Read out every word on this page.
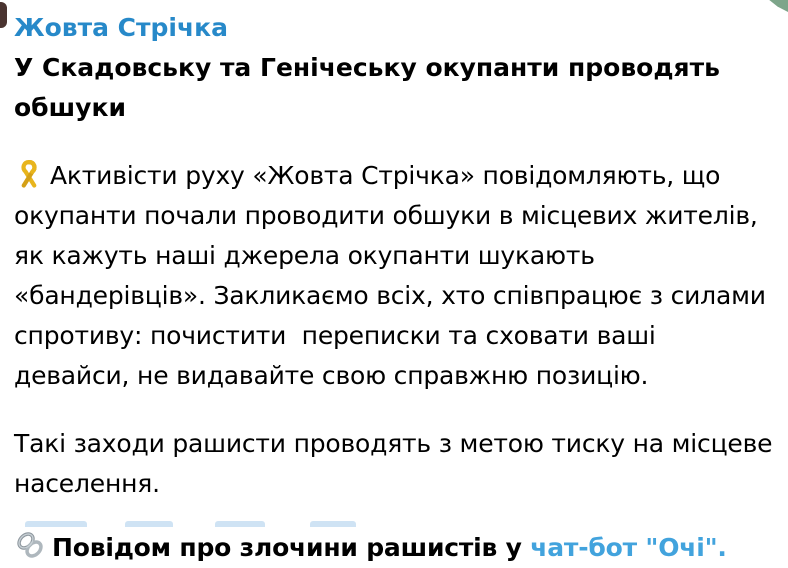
Жовта Стрічка
У Скадовську та Генічеську окупанти проводять обшуки

Активісти руху «Жовта Стрічка» повідомляють, що окупанти почали проводити обшуки в місцевих жителів, як кажуть наші джерела окупанти шукають «бандерівців». Закликаємо всіх, хто співпрацює з силами спротиву: почистити  переписки та сховати ваші девайси, не видавайте свою справжню позицію.

Такі заходи рашисти проводять з метою тиску на місцеве населення.

Повідом про злочини рашистів у чат-бот "Очі".
